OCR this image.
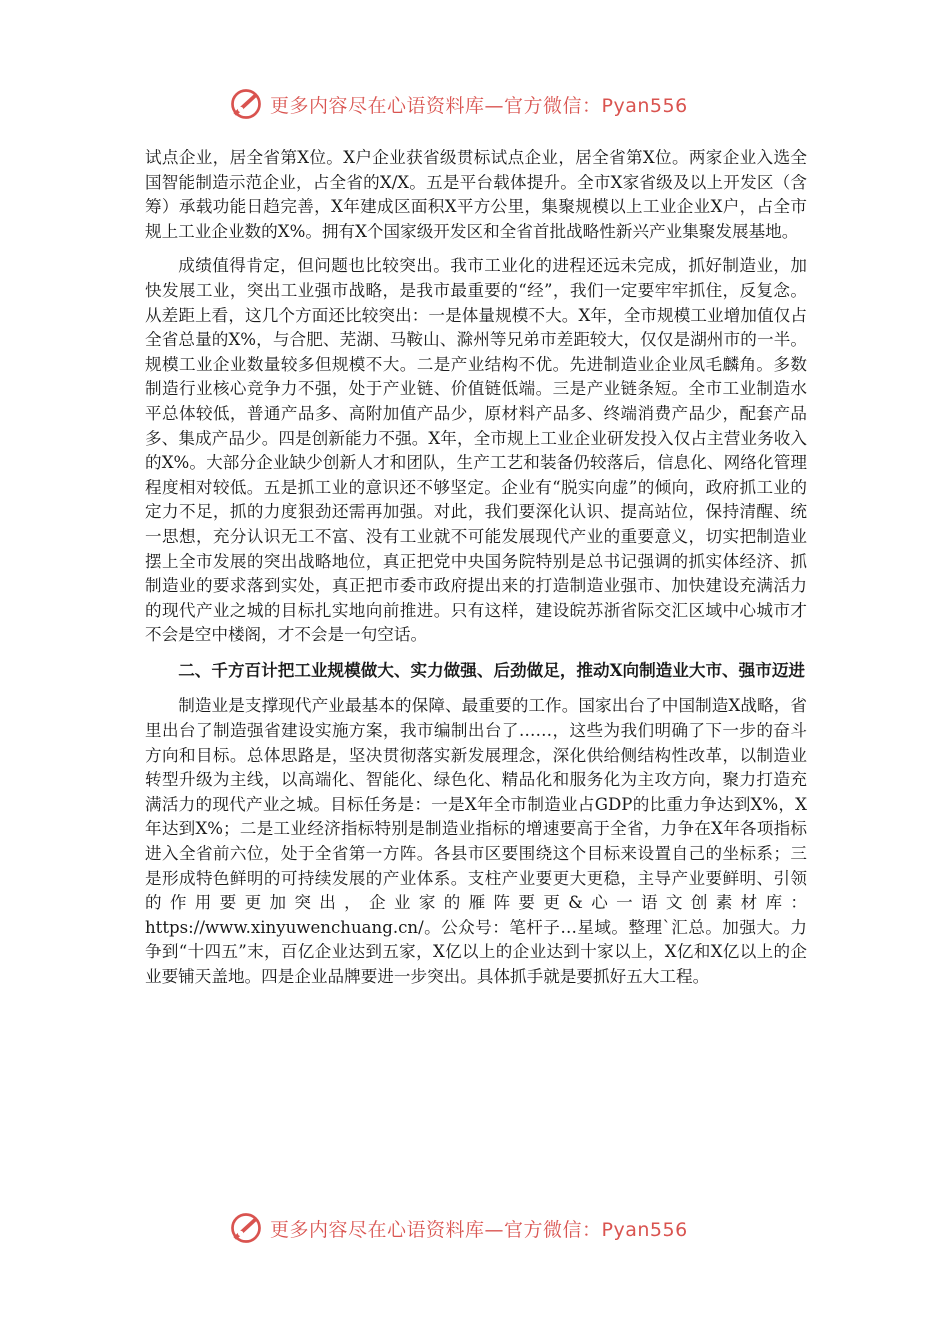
更多内容尽在心语资料库—官方微信：Pyan556

试点企业，居全省第X位。X户企业获省级贯标试点企业，居全省第X位。两家企业入选全国智能制造示范企业，占全省的X/X。五是平台载体提升。全市X家省级及以上开发区（含筹）承载功能日趋完善，X年建成区面积X平方公里，集聚规模以上工业企业X户，占全市规上工业企业数的X%。拥有X个国家级开发区和全省首批战略性新兴产业集聚发展基地。

成绩值得肯定，但问题也比较突出。我市工业化的进程还远未完成，抓好制造业，加快发展工业，突出工业强市战略，是我市最重要的“经”，我们一定要牢牢抓住，反复念。从差距上看，这几个方面还比较突出：一是体量规模不大。X年，全市规模工业增加值仅占全省总量的X%，与合肥、芜湖、马鞍山、滁州等兄弟市差距较大，仅仅是湖州市的一半。规模工业企业数量较多但规模不大。二是产业结构不优。先进制造业企业凤毛麟角。多数制造行业核心竞争力不强，处于产业链、价值链低端。三是产业链条短。全市工业制造水平总体较低，普通产品多、高附加值产品少，原材料产品多、终端消费产品少，配套产品多、集成产品少。四是创新能力不强。X年，全市规上工业企业研发投入仅占主营业务收入的X%。大部分企业缺少创新人才和团队，生产工艺和装备仍较落后，信息化、网络化管理程度相对较低。五是抓工业的意识还不够坚定。企业有“脱实向虚”的倾向，政府抓工业的定力不足，抓的力度狠劲还需再加强。对此，我们要深化认识、提高站位，保持清醒、统一思想，充分认识无工不富、没有工业就不可能发展现代产业的重要意义，切实把制造业摆上全市发展的突出战略地位，真正把党中央国务院特别是总书记强调的抓实体经济、抓制造业的要求落到实处，真正把市委市政府提出来的打造制造业强市、加快建设充满活力的现代产业之城的目标扎实地向前推进。只有这样，建设皖苏浙省际交汇区域中心城市才不会是空中楼阁，才不会是一句空话。

二、千方百计把工业规模做大、实力做强、后劲做足，推动X向制造业大市、强市迈进

制造业是支撑现代产业最基本的保障、最重要的工作。国家出台了中国制造X战略，省里出台了制造强省建设实施方案，我市编制出台了……，这些为我们明确了下一步的奋斗方向和目标。总体思路是，坚决贯彻落实新发展理念，深化供给侧结构性改革，以制造业转型升级为主线，以高端化、智能化、绿色化、精品化和服务化为主攻方向，聚力打造充满活力的现代产业之城。目标任务是：一是X年全市制造业占GDP的比重力争达到X%，X年达到X%；二是工业经济指标特别是制造业指标的增速要高于全省，力争在X年各项指标进入全省前六位，处于全省第一方阵。各县市区要围绕这个目标来设置自己的坐标系；三是形成特色鲜明的可持续发展的产业体系。支柱产业要更大更稳，主导产业要鲜明、引领的作用要更加突出，企业家的雁阵要更&心一语文创素材库：https://www.xinyuwenchuang.cn/。公众号：笔杆子…星域。整理`汇总。加强大。力争到“十四五”末，百亿企业达到五家，X亿以上的企业达到十家以上，X亿和X亿以上的企业要铺天盖地。四是企业品牌要进一步突出。具体抓手就是要抓好五大工程。

更多内容尽在心语资料库—官方微信：Pyan556
